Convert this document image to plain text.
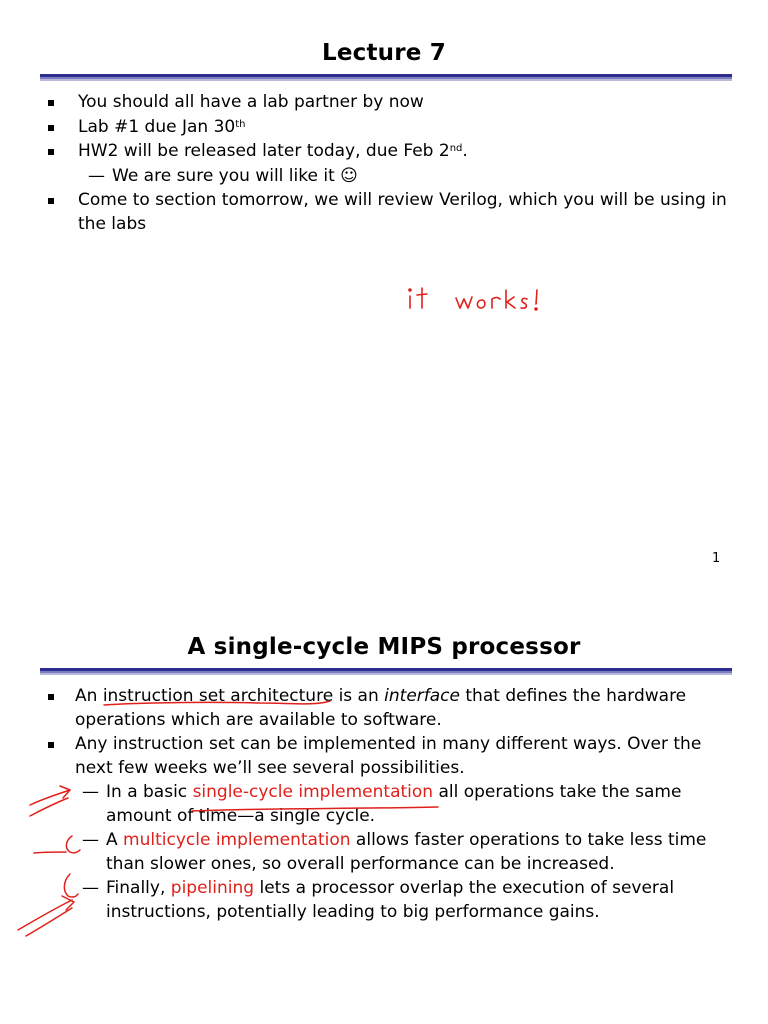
Lecture 7
You should all have a lab partner by now
Lab #1 due Jan 30th
HW2 will be released later today, due Feb 2nd.
— We are sure you will like it ☺
Come to section tomorrow, we will review Verilog, which you will be using in the labs
1
A single-cycle MIPS processor
An instruction set architecture is an interface that defines the hardware operations which are available to software.
Any instruction set can be implemented in many different ways. Over the next few weeks we’ll see several possibilities.
— In a basic single-cycle implementation all operations take the same amount of time—a single cycle.
— A multicycle implementation allows faster operations to take less time than slower ones, so overall performance can be increased.
— Finally, pipelining lets a processor overlap the execution of several instructions, potentially leading to big performance gains.
